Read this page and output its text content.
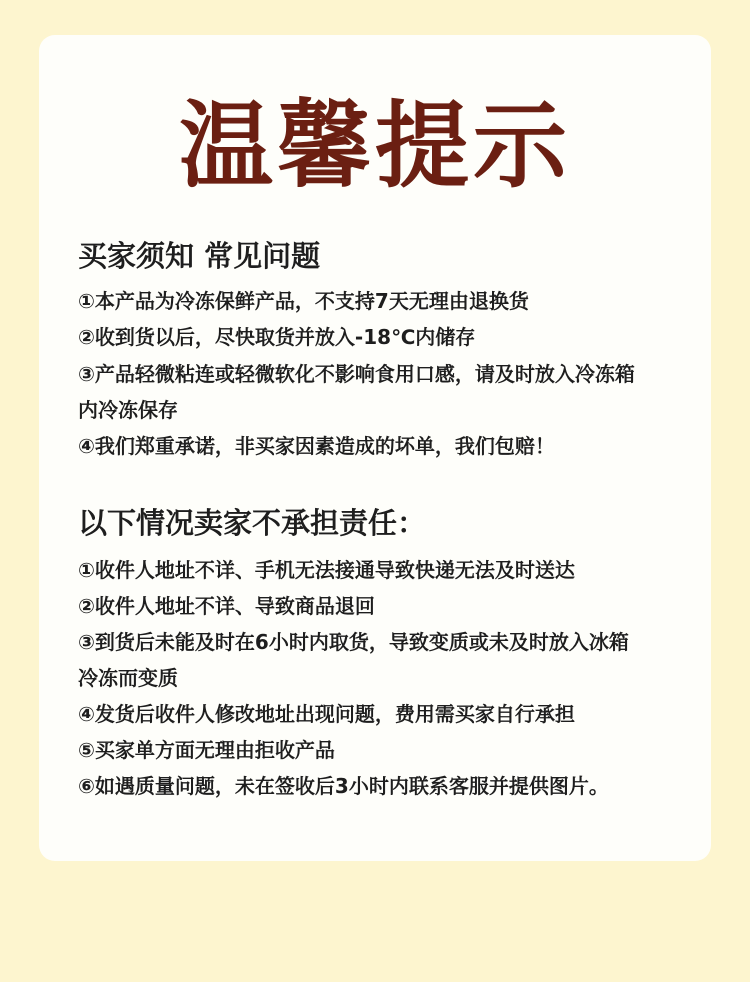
温馨提示
买家须知 常见问题
①本产品为冷冻保鲜产品，不支持7天无理由退换货
②收到货以后，尽快取货并放入-18℃内储存
③产品轻微粘连或轻微软化不影响食用口感，请及时放入冷冻箱
内冷冻保存
④我们郑重承诺，非买家因素造成的坏单，我们包赔！
以下情况卖家不承担责任：
①收件人地址不详、手机无法接通导致快递无法及时送达
②收件人地址不详、导致商品退回
③到货后未能及时在6小时内取货，导致变质或未及时放入冰箱
冷冻而变质
④发货后收件人修改地址出现问题，费用需买家自行承担
⑤买家单方面无理由拒收产品
⑥如遇质量问题，未在签收后3小时内联系客服并提供图片。
